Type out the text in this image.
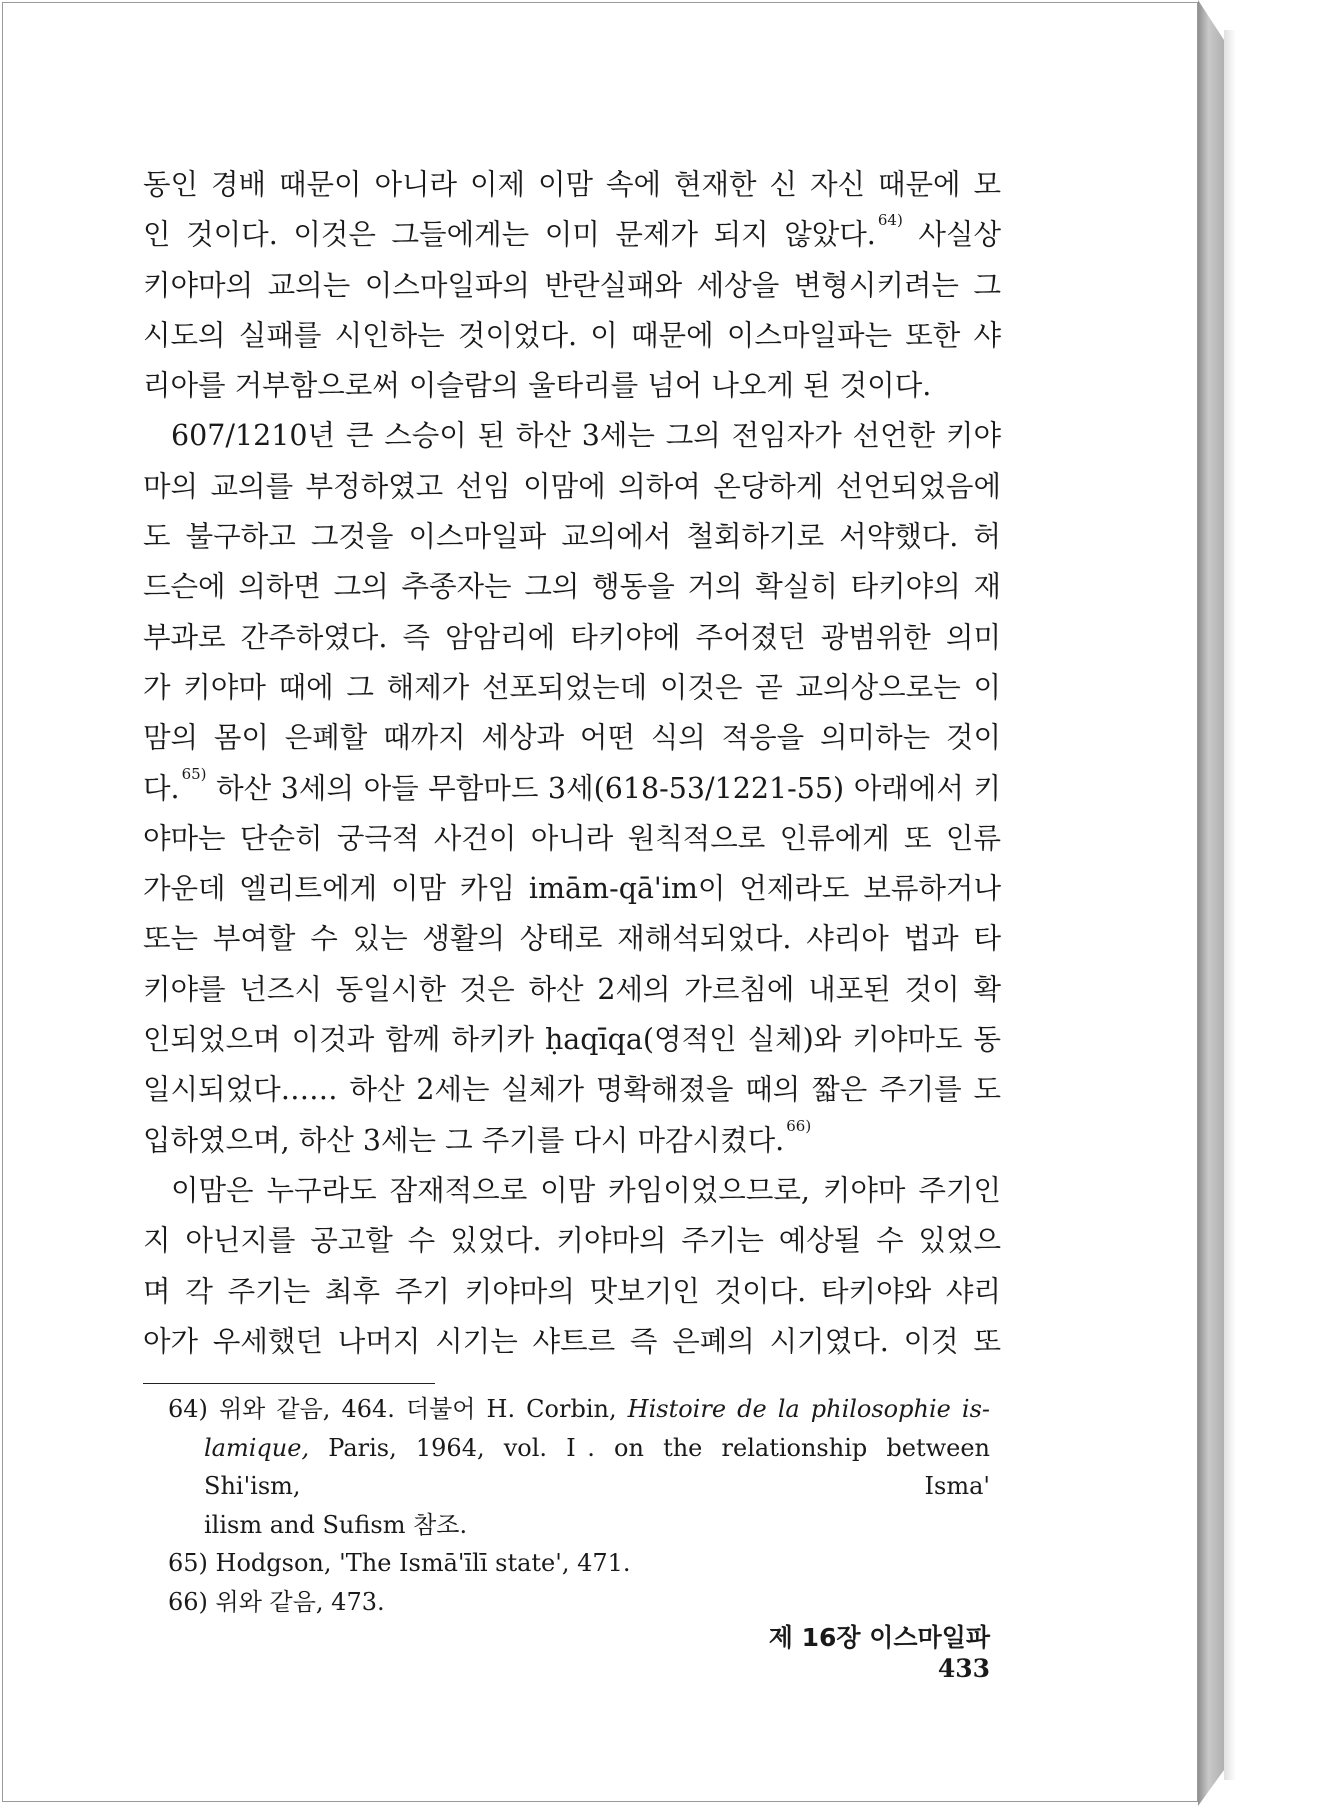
동인 경배 때문이 아니라 이제 이맘 속에 현재한 신 자신 때문에 모

인 것이다. 이것은 그들에게는 이미 문제가 되지 않았다. $^{64)}$ 사실상

키야마의 교의는 이스마일파의 반란실패와 세상을 변형시키려는 그

시도의 실패를 시인하는 것이었다. 이 때문에 이스마일파는 또한 샤

리아를 거부함으로써 이슬람의 울타리를 넘어 나오게 된 것이다.

607/1210년 큰 스승이 된 하산 3세는 그의 전임자가 선언한 키야

마의 교의를 부정하였고 선임 이맘에 의하여 온당하게 선언되었음에

도 불구하고 그것을 이스마일파 교의에서 철회하기로 서약했다. 허

드슨에 의하면 그의 추종자는 그의 행동을 거의 확실히 타키야의 재

부과로 간주하였다. 즉 암암리에 타키야에 주어졌던 광범위한 의미

가 키야마 때에 그 해제가 선포되었는데 이것은 곧 교의상으로는 이

맘의 몸이 은폐할 때까지 세상과 어떤 식의 적응을 의미하는 것이

다. $^{65)}$ 하산 3세의 아들 무함마드 3세(618-53/1221-55) 아래에서 키

야마는 단순히 궁극적 사건이 아니라 원칙적으로 인류에게 또 인류

가운데 엘리트에게 이맘 카임 imām-qā'im이 언제라도 보류하거나

또는 부여할 수 있는 생활의 상태로 재해석되었다. 샤리아 법과 타

키야를 넌즈시 동일시한 것은 하산 2세의 가르침에 내포된 것이 확

인되었으며 이것과 함께 하키카 ḥaqīqa(영적인 실체)와 키야마도 동

일시되었다…… 하산 2세는 실체가 명확해졌을 때의 짧은 주기를 도

입하였으며, 하산 3세는 그 주기를 다시 마감시켰다. $^{66)}$

이맘은 누구라도 잠재적으로 이맘 카임이었으므로, 키야마 주기인

지 아닌지를 공고할 수 있었다. 키야마의 주기는 예상될 수 있었으

며 각 주기는 최후 주기 키야마의 맛보기인 것이다. 타키야와 샤리

아가 우세했던 나머지 시기는 샤트르 즉 은폐의 시기였다. 이것 또

64) 위와 같음, 464. 더불어 H. Corbin, Histoire de la philosophie is-

lamique, Paris, 1964, vol. Ⅰ. on the relationship between Shi'ism, Isma'

ilism and Sufism 참조.

65) Hodgson, 'The Ismā'īlī state', 471.

66) 위와 같음, 473.

제 16장 이스마일파433
